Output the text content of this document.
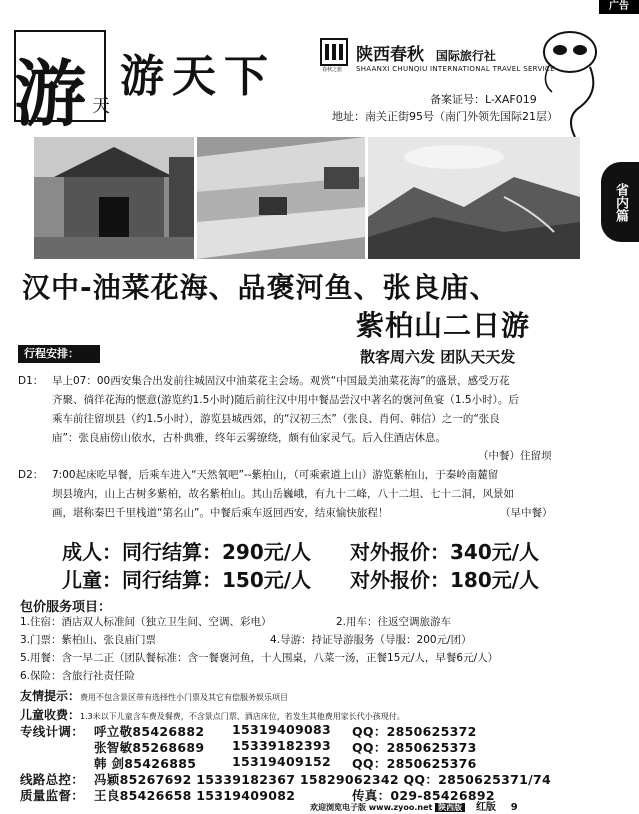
广告
游 天
游天下	春秋之旅
陕西春秋 国际旅行社
SHAANXI CHUNQIU INTERNATIONAL TRAVEL SERVICE
备案证号：L-XAF019
地址：南关正街95号（南门外领先国际21层）
省内篇
汉中-油菜花海、品褒河鱼、张良庙、
紫柏山二日游
行程安排：	散客周六发 团队天天发
D1： 早上07：00西安集合出发前往城固汉中油菜花主会场。观赏“中国最美油菜花海”的盛景，感受万花
齐聚、徜徉花海的惬意(游览约1.5小时)随后前往汉中用中餐品尝汉中著名的褒河鱼宴（1.5小时）。后
乘车前往留坝县（约1.5小时），游览县城西郊，的“汉初三杰”（张良、肖何、韩信）之一的“张良
庙”：张良庙傍山依水，古朴典雅，终年云雾缭绕，颇有仙家灵气。后入住酒店休息。
（中餐）住留坝
D2： 7:00起床吃早餐，后乘车进入“天然氧吧”--紫柏山，（可乘索道上山）游览紫柏山，于秦岭南麓留
坝县境内，山上古树多紫柏，故名紫柏山。其山岳巍峨，有九十二峰，八十二坦、七十二洞，风景如
画，堪称秦巴千里栈道“第名山”。中餐后乘车返回西安，结束愉快旅程！	（早中餐）
成人：同行结算：290元/人 对外报价：340元/人
儿童：同行结算：150元/人 对外报价：180元/人
包价服务项目：
1.住宿：酒店双人标准间（独立卫生间、空调、彩电）	2.用车：往返空调旅游车
3.门票：紫柏山、张良庙门票	4.导游：持证导游服务（导服：200元/团）
5.用餐：含一早二正（团队餐标准：含一餐褒河鱼，十人围桌，八菜一汤，正餐15元/人，早餐6元/人）
6.保险：含旅行社责任险
友情提示：费用不包含景区带有选择性小门票及其它有偿服务娱乐项目
儿童收费：1.3米以下儿童含车费及餐费，不含景点门票、酒店床位，若发生其他费用家长代小孩现付。
专线计调： 呼立敬85426882 15319409083 QQ：2850625372
张智敏85268689 15339182393 QQ：2850625373
韩 剑85426885	15319409152 QQ：2850625376
线路总控： 冯颖85267692 15339182367 15829062342 QQ：2850625371/74
质量监督： 王良85426658 15319409082	传真：029-85426892
欢迎浏览电子版 www.zyoo.net 陕西版 红版 9
